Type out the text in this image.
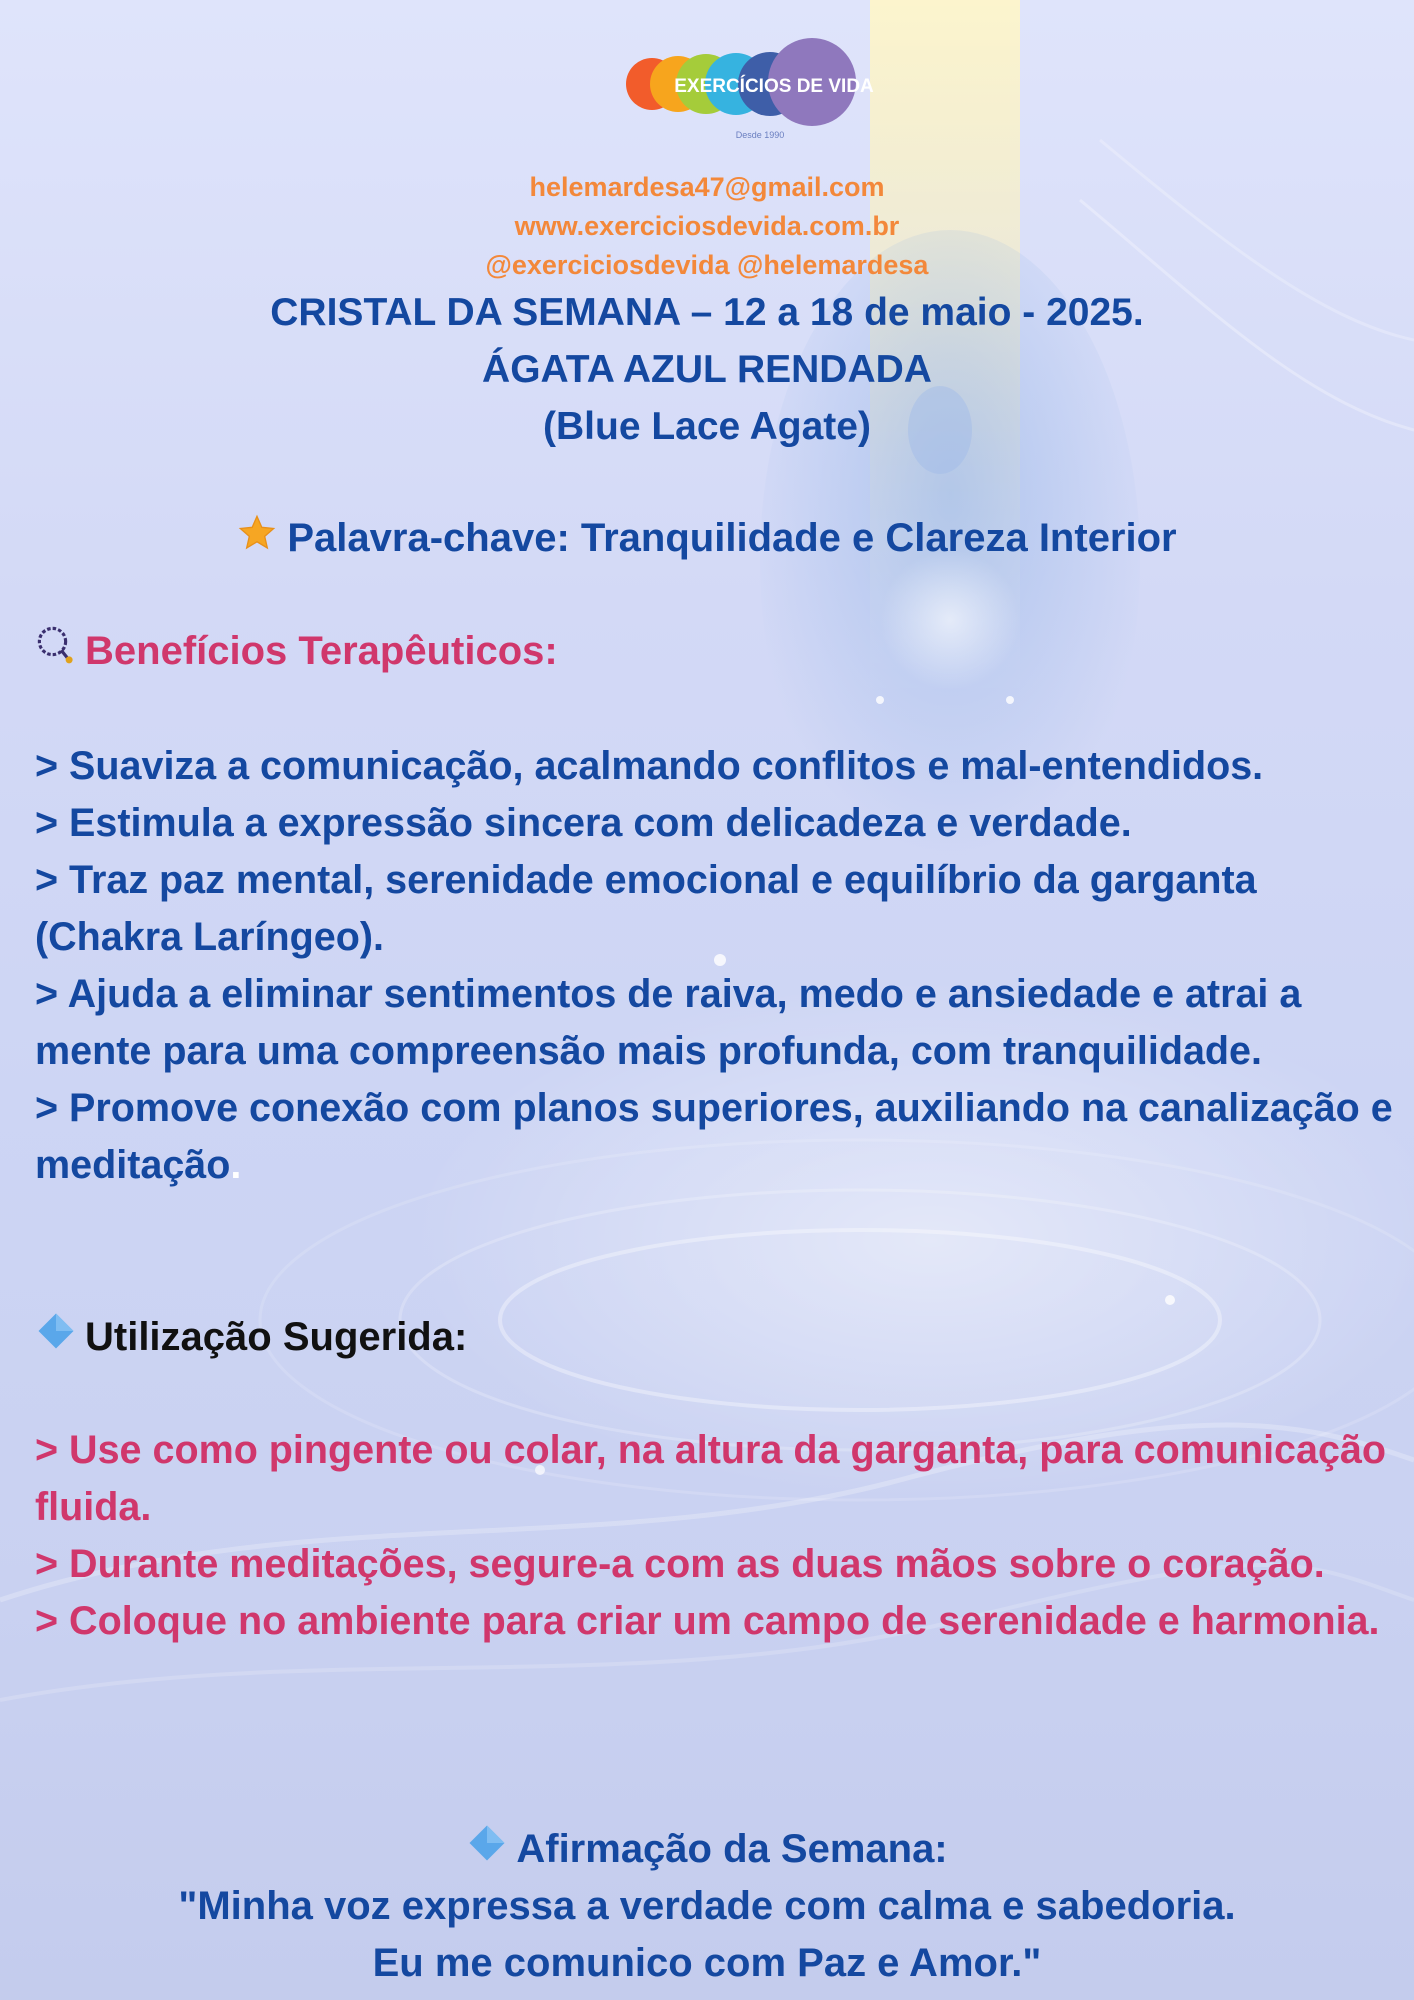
EXERCÍCIOS DE VIDA
Desde 1990
helemardesa47@gmail.com
www.exerciciosdevida.com.br
@exerciciosdevida @helemardesa
CRISTAL DA SEMANA – 12 a 18 de maio - 2025.
ÁGATA AZUL RENDADA
(Blue Lace Agate)
Palavra-chave: Tranquilidade e Clareza Interior
Benefícios Terapêuticos:

> Suaviza a comunicação, acalmando conflitos e mal-entendidos.

> Estimula a expressão sincera com delicadeza e verdade.

> Traz paz mental, serenidade emocional e equilíbrio da garganta (Chakra Laríngeo).

> Ajuda a eliminar sentimentos de raiva, medo e ansiedade e atrai a mente para uma compreensão mais profunda, com tranquilidade.

> Promove conexão com planos superiores, auxiliando na canalização e meditação.

Utilização Sugerida:

> Use como pingente ou colar, na altura da garganta, para comunicação fluida.

> Durante meditações, segure-a com as duas mãos sobre o coração.

> Coloque no ambiente para criar um campo de serenidade e harmonia.

Afirmação da Semana:
"Minha voz expressa a verdade com calma e sabedoria.
Eu me comunico com Paz e Amor."
